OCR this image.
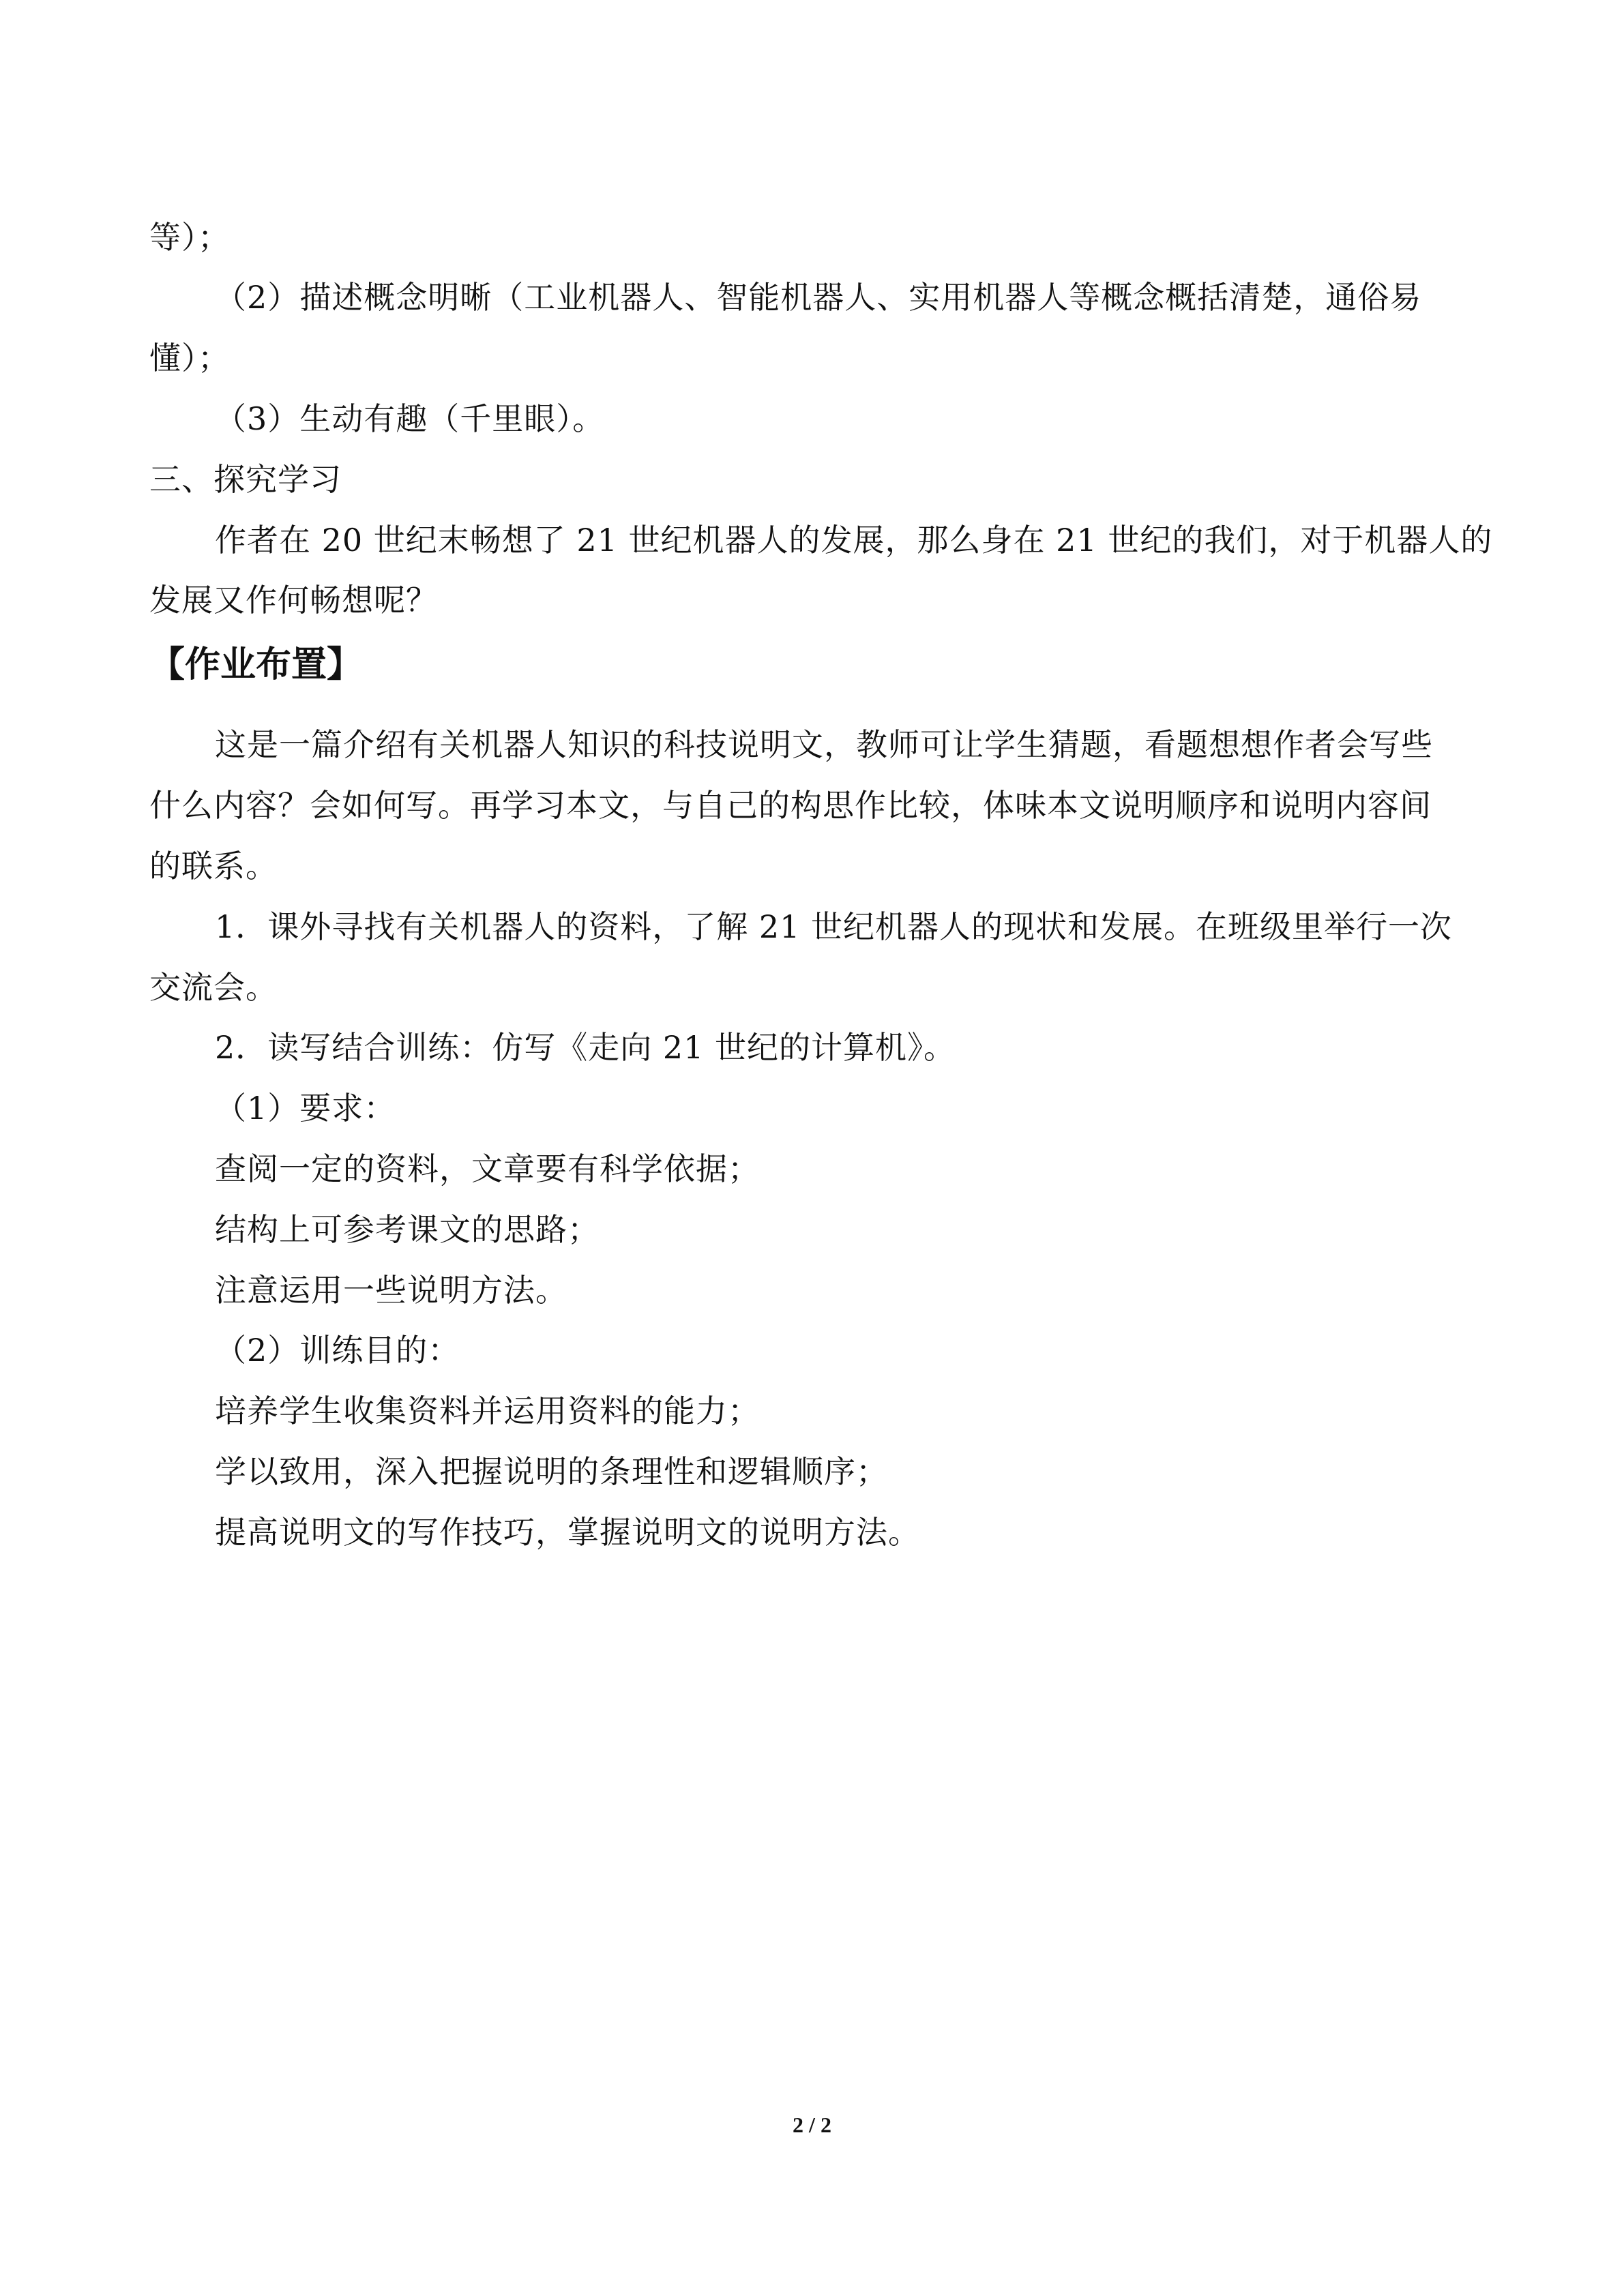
等）；
（2）描述概念明晰（工业机器人、智能机器人、实用机器人等概念概括清楚，通俗易
懂）；
（3）生动有趣（千里眼）。
三、探究学习
作者在 20 世纪末畅想了 21 世纪机器人的发展，那么身在 21 世纪的我们，对于机器人的
发展又作何畅想呢？
【作业布置】
这是一篇介绍有关机器人知识的科技说明文，教师可让学生猜题，看题想想作者会写些
什么内容？会如何写。再学习本文，与自己的构思作比较，体味本文说明顺序和说明内容间
的联系。
1．课外寻找有关机器人的资料，了解 21 世纪机器人的现状和发展。在班级里举行一次
交流会。
2．读写结合训练：仿写《走向 21 世纪的计算机》。
（1）要求：
查阅一定的资料，文章要有科学依据；
结构上可参考课文的思路；
注意运用一些说明方法。
（2）训练目的：
培养学生收集资料并运用资料的能力；
学以致用，深入把握说明的条理性和逻辑顺序；
提高说明文的写作技巧，掌握说明文的说明方法。
2 / 2
